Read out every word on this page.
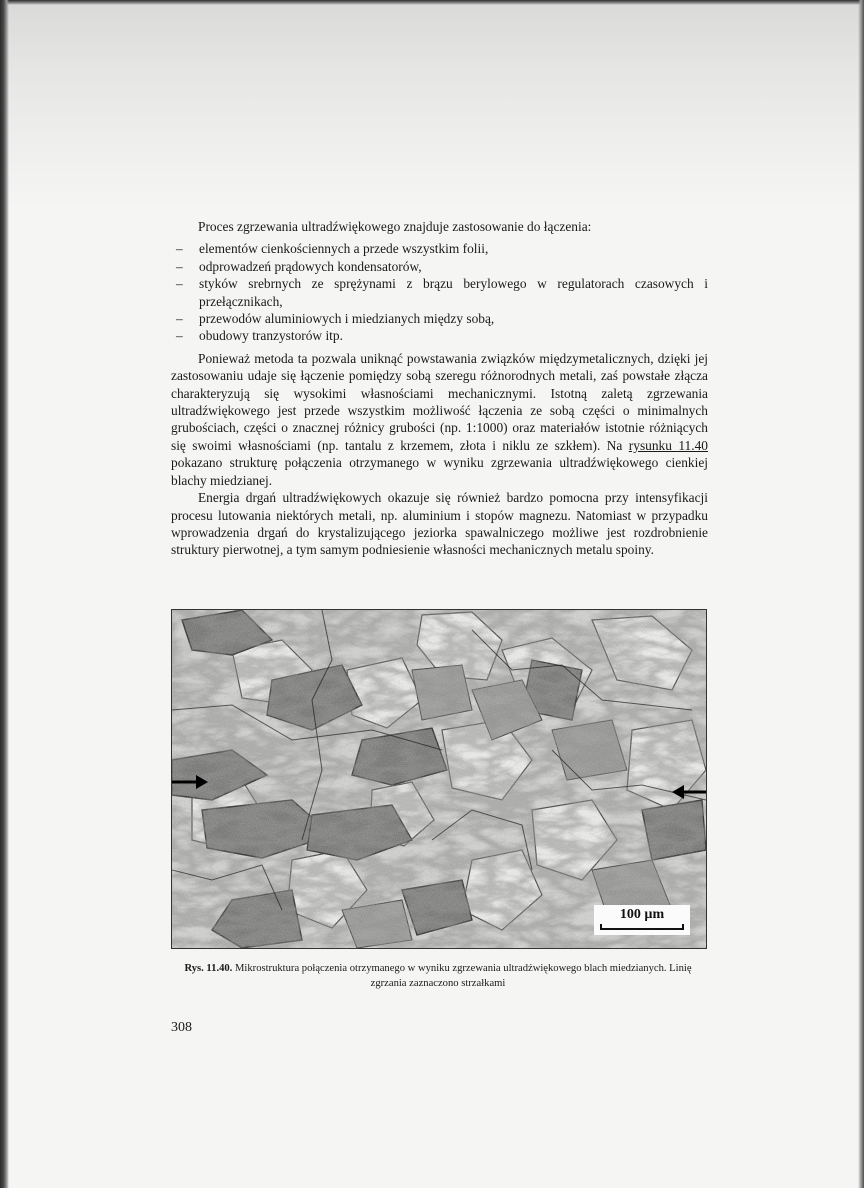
Proces zgrzewania ultradźwiękowego znajduje zastosowanie do łączenia:

– elementów cienkościennych a przede wszystkim folii,
– odprowadzeń prądowych kondensatorów,
– styków srebrnych ze sprężynami z brązu berylowego w regulatorach czasowych i przełącznikach,
– przewodów aluminiowych i miedzianych między sobą,
– obudowy tranzystorów itp.

Ponieważ metoda ta pozwala uniknąć powstawania związków międzymetalicznych, dzięki jej zastosowaniu udaje się łączenie pomiędzy sobą szeregu różnorodnych metali, zaś powstałe złącza charakteryzują się wysokimi własnościami mechanicznymi. Istotną zaletą zgrzewania ultradźwiękowego jest przede wszystkim możliwość łączenia ze sobą części o minimalnych grubościach, części o znacznej różnicy grubości (np. 1:1000) oraz materiałów istotnie różniących się swoimi własnościami (np. tantalu z krzemem, złota i niklu ze szkłem). Na rysunku 11.40 pokazano strukturę połączenia otrzymanego w wyniku zgrzewania ultradźwiękowego cienkiej blachy miedzianej.

Energia drgań ultradźwiękowych okazuje się również bardzo pomocna przy intensyfikacji procesu lutowania niektórych metali, np. aluminium i stopów magnezu. Natomiast w przypadku wprowadzenia drgań do krystalizującego jeziorka spawalniczego możliwe jest rozdrobnienie struktury pierwotnej, a tym samym podniesienie własności mechanicznych metalu spoiny.

100 µm
Rys. 11.40. Mikrostruktura połączenia otrzymanego w wyniku zgrzewania ultradźwiękowego blach miedzianych. Linię zgrzania zaznaczono strzałkami
308
